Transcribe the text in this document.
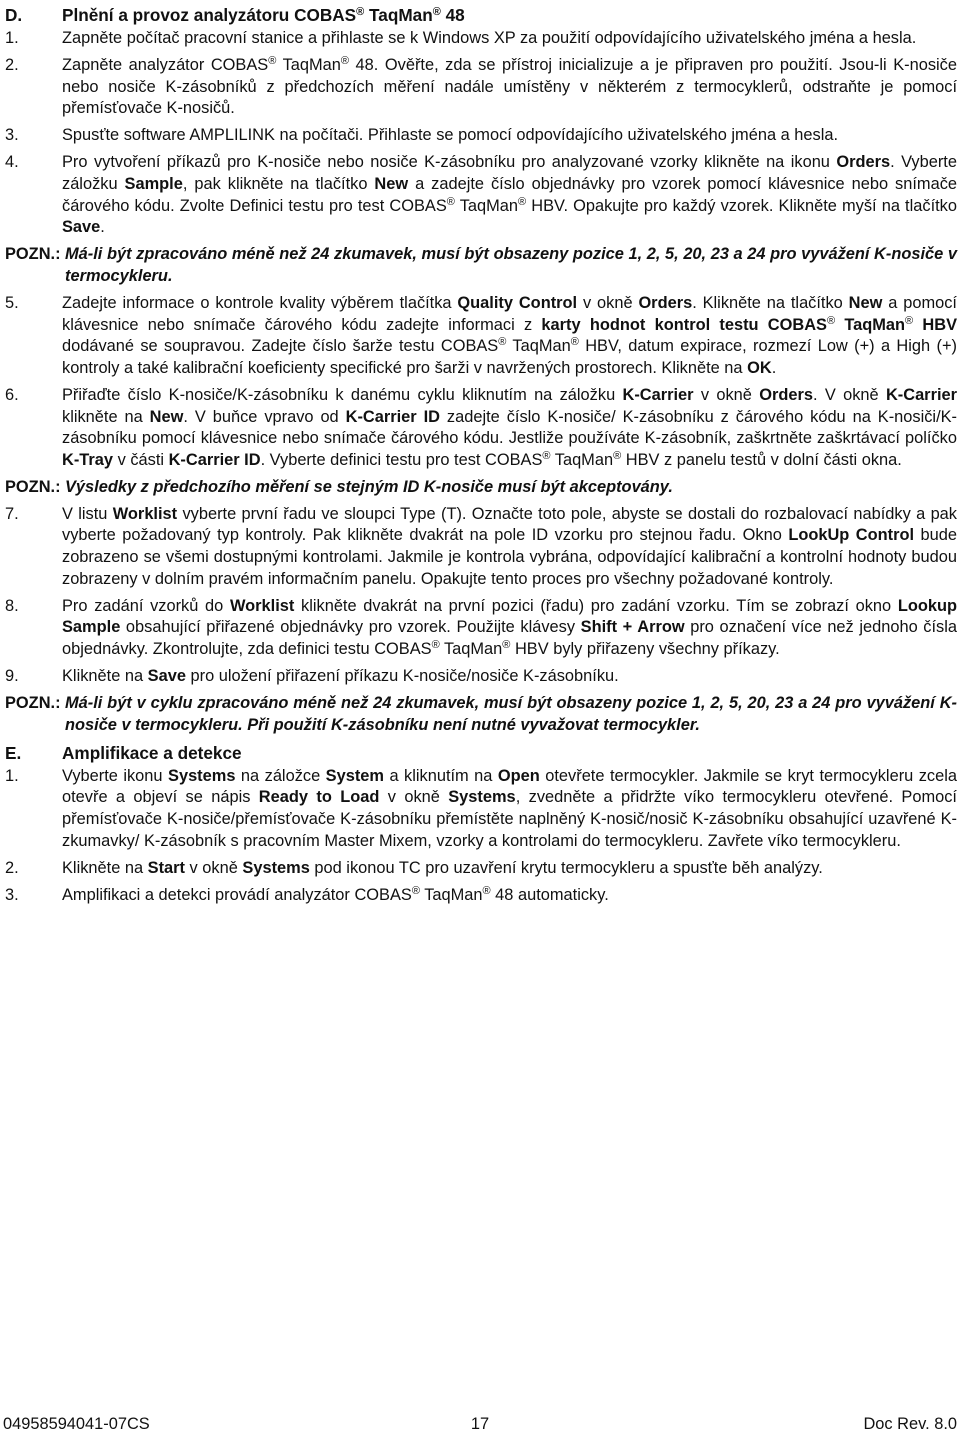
D.	Plnění a provoz analyzátoru COBAS® TaqMan® 48
1.	Zapněte počítač pracovní stanice a přihlaste se k Windows XP za použití odpovídajícího uživatelského jména a hesla.
2.	Zapněte analyzátor COBAS® TaqMan® 48. Ověřte, zda se přístroj inicializuje a je připraven pro použití. Jsou-li K-nosiče nebo nosiče K-zásobníků z předchozích měření nadále umístěny v některém z termocyklerů, odstraňte je pomocí přemísťovače K-nosičů.
3.	Spusťte software AMPLILINK na počítači. Přihlaste se pomocí odpovídajícího uživatelského jména a hesla.
4.	Pro vytvoření příkazů pro K-nosiče nebo nosiče K-zásobníku pro analyzované vzorky klikněte na ikonu Orders. Vyberte záložku Sample, pak klikněte na tlačítko New a zadejte číslo objednávky pro vzorek pomocí klávesnice nebo snímače čárového kódu. Zvolte Definici testu pro test COBAS® TaqMan® HBV. Opakujte pro každý vzorek. Klikněte myší na tlačítko Save.
POZN.: Má-li být zpracováno méně než 24 zkumavek, musí být obsazeny pozice 1, 2, 5, 20, 23 a 24 pro vyvážení K-nosiče v termocykleru.
5.	Zadejte informace o kontrole kvality výběrem tlačítka Quality Control v okně Orders. Klikněte na tlačítko New a pomocí klávesnice nebo snímače čárového kódu zadejte informaci z karty hodnot kontrol testu COBAS® TaqMan® HBV dodávané se soupravou. Zadejte číslo šarže testu COBAS® TaqMan® HBV, datum expirace, rozmezí Low (+) a High (+) kontroly a také kalibrační koeficienty specifické pro šarži v navržených prostorech. Klikněte na OK.
6.	Přiřaďte číslo K-nosiče/K-zásobníku k danému cyklu kliknutím na záložku K-Carrier v okně Orders. V okně K-Carrier klikněte na New. V buňce vpravo od K-Carrier ID zadejte číslo K-nosiče/ K-zásobníku z čárového kódu na K-nosiči/K-zásobníku pomocí klávesnice nebo snímače čárového kódu. Jestliže používáte K-zásobník, zaškrtněte zaškrtávací políčko K-Tray v části K-Carrier ID. Vyberte definici testu pro test COBAS® TaqMan® HBV z panelu testů v dolní části okna.
POZN.: Výsledky z předchozího měření se stejným ID K-nosiče musí být akceptovány.
7.	V listu Worklist vyberte první řadu ve sloupci Type (T). Označte toto pole, abyste se dostali do rozbalovací nabídky a pak vyberte požadovaný typ kontroly. Pak klikněte dvakrát na pole ID vzorku pro stejnou řadu. Okno LookUp Control bude zobrazeno se všemi dostupnými kontrolami. Jakmile je kontrola vybrána, odpovídající kalibrační a kontrolní hodnoty budou zobrazeny v dolním pravém informačním panelu. Opakujte tento proces pro všechny požadované kontroly.
8.	Pro zadání vzorků do Worklist klikněte dvakrát na první pozici (řadu) pro zadání vzorku. Tím se zobrazí okno Lookup Sample obsahující přiřazené objednávky pro vzorek. Použijte klávesy Shift + Arrow pro označení více než jednoho čísla objednávky. Zkontrolujte, zda definici testu COBAS® TaqMan® HBV byly přiřazeny všechny příkazy.
9.	Klikněte na Save pro uložení přiřazení příkazu K-nosiče/nosiče K-zásobníku.
POZN.: Má-li být v cyklu zpracováno méně než 24 zkumavek, musí být obsazeny pozice 1, 2, 5, 20, 23 a 24 pro vyvážení K-nosiče v termocykleru. Při použití K-zásobníku není nutné vyvažovat termocykler.
E.	Amplifikace a detekce
1.	Vyberte ikonu Systems na záložce System a kliknutím na Open otevřete termocykler. Jakmile se kryt termocykleru zcela otevře a objeví se nápis Ready to Load v okně Systems, zvedněte a přidržte víko termocykleru otevřené. Pomocí přemísťovače K-nosiče/přemísťovače K-zásobníku přemístěte naplněný K-nosič/nosič K-zásobníku obsahující uzavřené K-zkumavky/ K-zásobník s pracovním Master Mixem, vzorky a kontrolami do termocykleru. Zavřete víko termocykleru.
2.	Klikněte na Start v okně Systems pod ikonou TC pro uzavření krytu termocykleru a spusťte běh analýzy.
3.	Amplifikaci a detekci provádí analyzátor COBAS® TaqMan® 48 automaticky.
04958594041-07CS	17	Doc Rev. 8.0
